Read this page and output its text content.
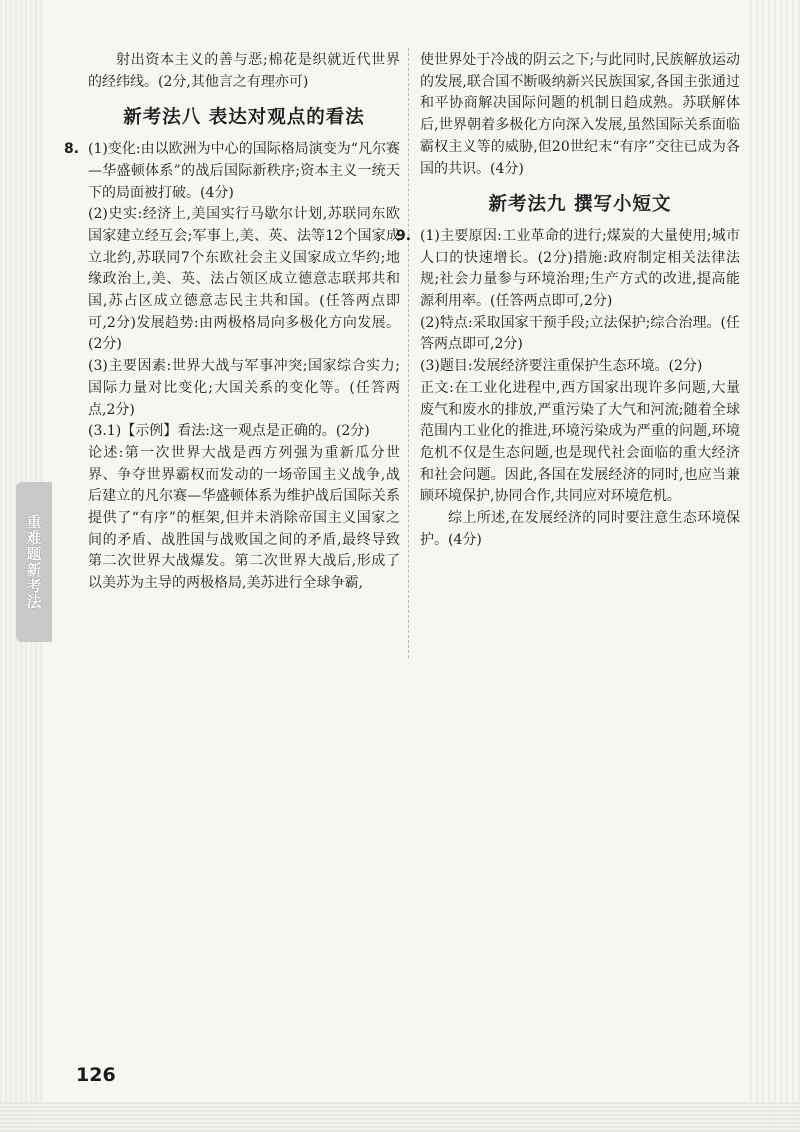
射出资本主义的善与恶;棉花是织就近代世界的经纬线。(2分,其他言之有理亦可)

新考法八 表达对观点的看法
8. (1)变化:由以欧洲为中心的国际格局演变为“凡尔赛—华盛顿体系”的战后国际新秩序;资本主义一统天下的局面被打破。(4分)

(2)史实:经济上,美国实行马歇尔计划,苏联同东欧国家建立经互会;军事上,美、英、法等12个国家成立北约,苏联同7个东欧社会主义国家成立华约;地缘政治上,美、英、法占领区成立德意志联邦共和国,苏占区成立德意志民主共和国。(任答两点即可,2分)发展趋势:由两极格局向多极化方向发展。(2分)

(3)主要因素:世界大战与军事冲突;国家综合实力;国际力量对比变化;大国关系的变化等。(任答两点,2分)

(3.1)【示例】看法:这一观点是正确的。(2分)

论述:第一次世界大战是西方列强为重新瓜分世界、争夺世界霸权而发动的一场帝国主义战争,战后建立的凡尔赛—华盛顿体系为维护战后国际关系提供了“有序”的框架,但并未消除帝国主义国家之间的矛盾、战胜国与战败国之间的矛盾,最终导致第二次世界大战爆发。第二次世界大战后,形成了以美苏为主导的两极格局,美苏进行全球争霸,

使世界处于冷战的阴云之下;与此同时,民族解放运动的发展,联合国不断吸纳新兴民族国家,各国主张通过和平协商解决国际问题的机制日趋成熟。苏联解体后,世界朝着多极化方向深入发展,虽然国际关系面临霸权主义等的威胁,但20世纪末“有序”交往已成为各国的共识。(4分)

新考法九 撰写小短文
9. (1)主要原因:工业革命的进行;煤炭的大量使用;城市人口的快速增长。(2分)措施:政府制定相关法律法规;社会力量参与环境治理;生产方式的改进,提高能源利用率。(任答两点即可,2分)

(2)特点:采取国家干预手段;立法保护;综合治理。(任答两点即可,2分)

(3)题目:发展经济要注重保护生态环境。(2分)

正文:在工业化进程中,西方国家出现许多问题,大量废气和废水的排放,严重污染了大气和河流;随着全球范围内工业化的推进,环境污染成为严重的问题,环境危机不仅是生态问题,也是现代社会面临的重大经济和社会问题。因此,各国在发展经济的同时,也应当兼顾环境保护,协同合作,共同应对环境危机。

综上所述,在发展经济的同时要注意生态环境保护。(4分)

重难题新考法
126
